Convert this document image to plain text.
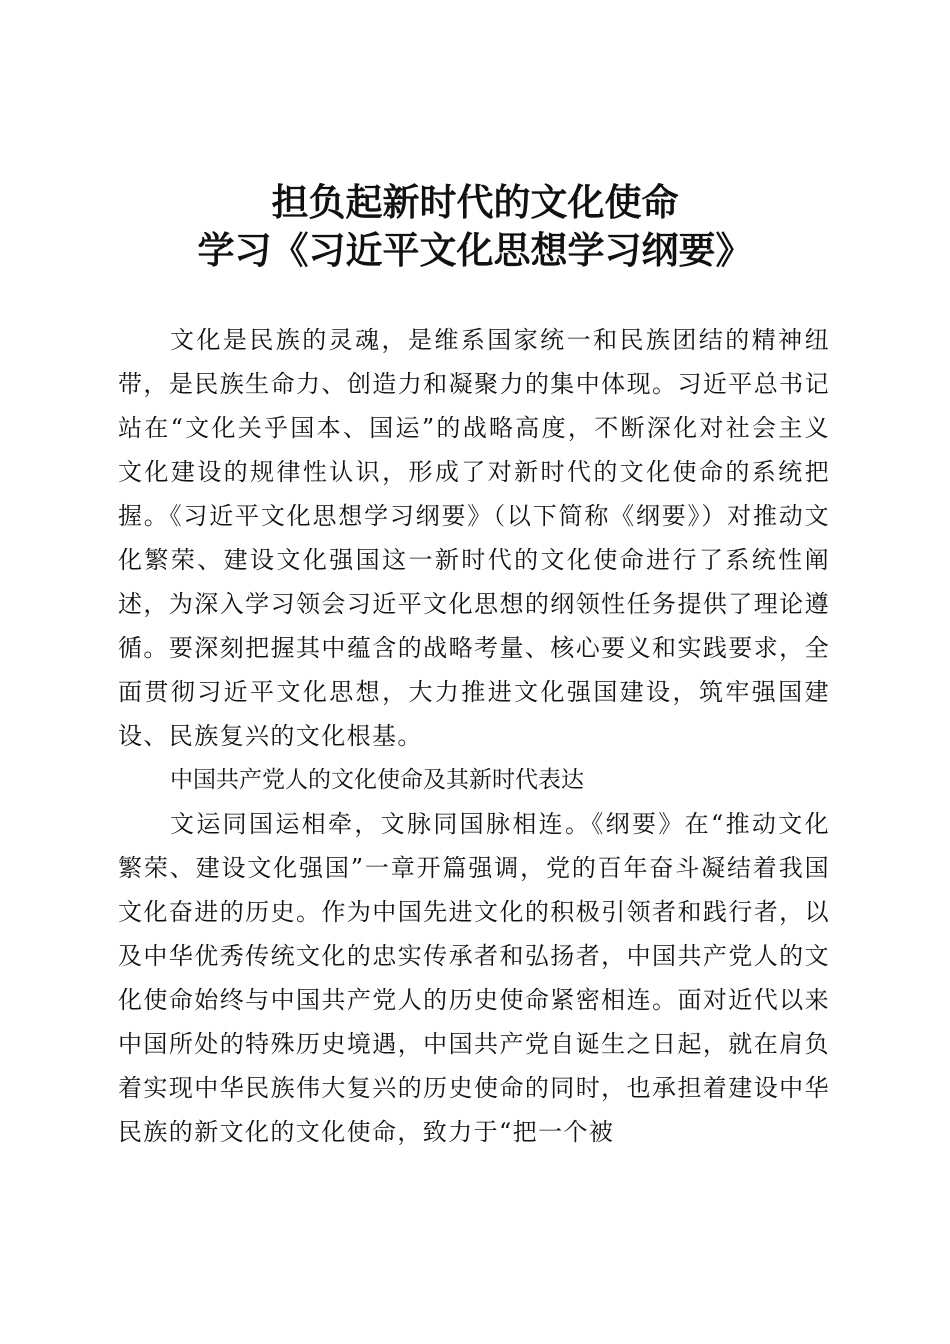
担负起新时代的文化使命
学习《习近平文化思想学习纲要》

文化是民族的灵魂，是维系国家统一和民族团结的精神纽带，是民族生命力、创造力和凝聚力的集中体现。习近平总书记站在“文化关乎国本、国运”的战略高度，不断深化对社会主义文化建设的规律性认识，形成了对新时代的文化使命的系统把握。《习近平文化思想学习纲要》（以下简称《纲要》）对推动文化繁荣、建设文化强国这一新时代的文化使命进行了系统性阐述，为深入学习领会习近平文化思想的纲领性任务提供了理论遵循。要深刻把握其中蕴含的战略考量、核心要义和实践要求，全面贯彻习近平文化思想，大力推进文化强国建设，筑牢强国建设、民族复兴的文化根基。

中国共产党人的文化使命及其新时代表达

文运同国运相牵，文脉同国脉相连。《纲要》在“推动文化繁荣、建设文化强国”一章开篇强调，党的百年奋斗凝结着我国文化奋进的历史。作为中国先进文化的积极引领者和践行者，以及中华优秀传统文化的忠实传承者和弘扬者，中国共产党人的文化使命始终与中国共产党人的历史使命紧密相连。面对近代以来中国所处的特殊历史境遇，中国共产党自诞生之日起，就在肩负着实现中华民族伟大复兴的历史使命的同时，也承担着建设中华民族的新文化的文化使命，致力于“把一个被
